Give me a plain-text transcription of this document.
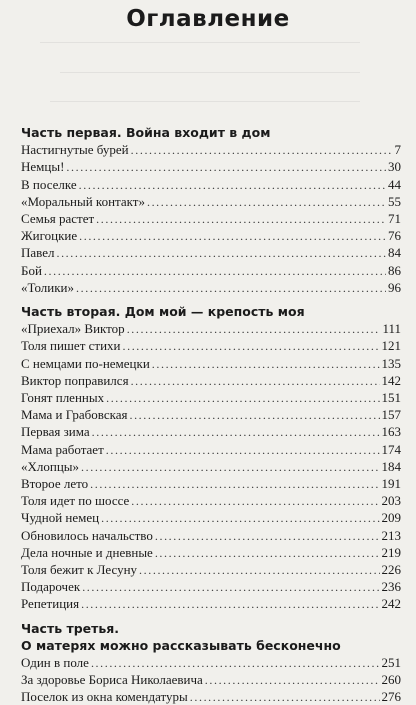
Оглавление
Часть первая. Война входит в дом
Настигнутые бурей .....	7
Немцы! .....	30
В поселке .....	44
«Моральный контакт» .....	55
Семья растет .....	71
Жигоцкие .....	76
Павел .....	84
Бой .....	86
«Толики» .....	96
Часть вторая. Дом мой — крепость моя
«Приехал» Виктор .....	111
Толя пишет стихи .....	121
С немцами по-немецки .....	135
Виктор поправился .....	142
Гонят пленных .....	151
Мама и Грабовская .....	157
Первая зима .....	163
Мама работает .....	174
«Хлопцы» .....	184
Второе лето .....	191
Толя идет по шоссе .....	203
Чудной немец .....	209
Обновилось начальство .....	213
Дела ночные и дневные .....	219
Толя бежит к Лесуну .....	226
Подарочек .....	236
Репетиция .....	242
Часть третья.
О матерях можно рассказывать бесконечно
Один в поле .....	251
За здоровье Бориса Николаевича .....	260
Поселок из окна комендатуры .....	276
